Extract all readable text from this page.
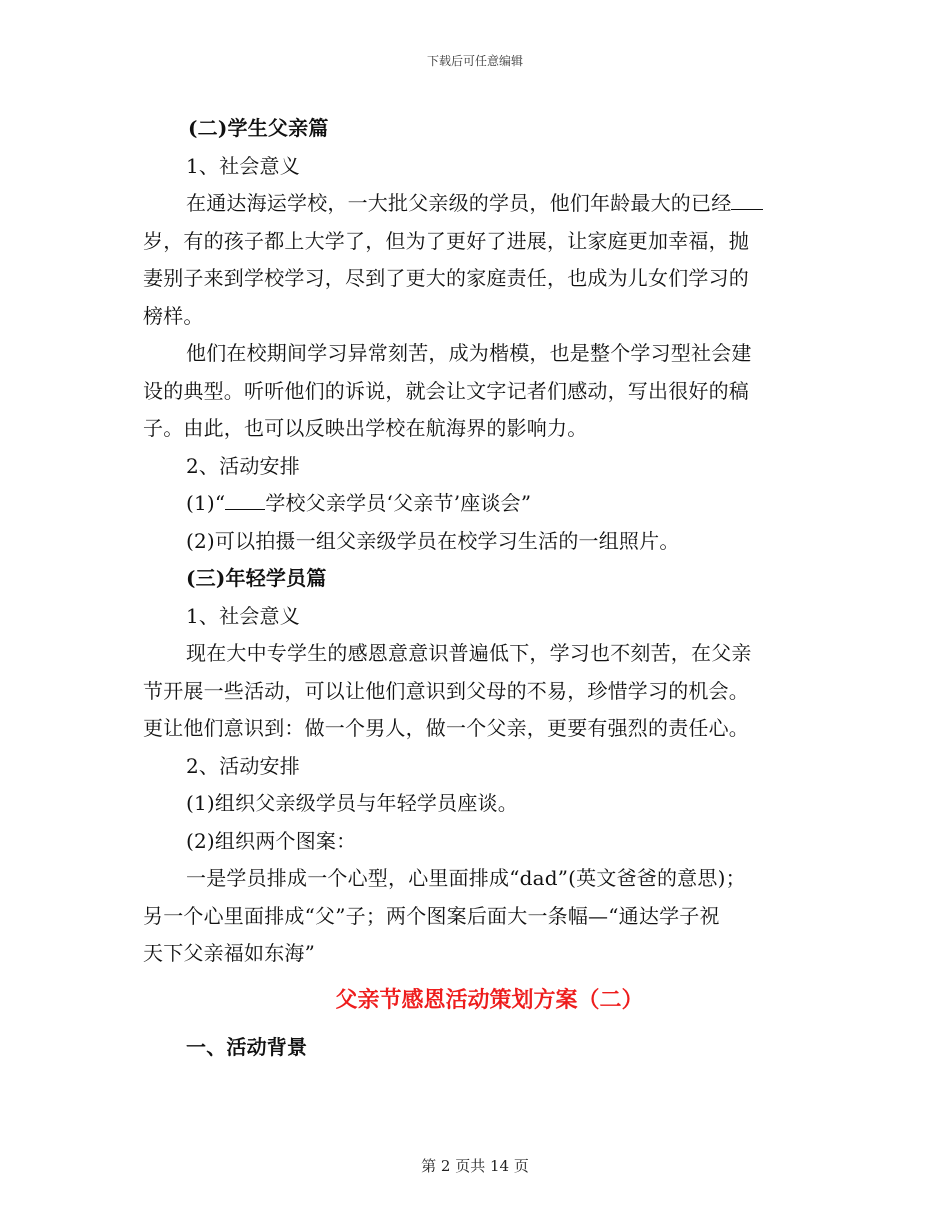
下载后可任意编辑
(二)学生父亲篇
1、社会意义
在通达海运学校，一大批父亲级的学员，他们年龄最大的已经
岁，有的孩子都上大学了，但为了更好了进展，让家庭更加幸福，抛
妻别子来到学校学习，尽到了更大的家庭责任，也成为儿女们学习的
榜样。
他们在校期间学习异常刻苦，成为楷模，也是整个学习型社会建
设的典型。听听他们的诉说，就会让文字记者们感动，写出很好的稿
子。由此，也可以反映出学校在航海界的影响力。
2、活动安排
(1)“ 学校父亲学员‘父亲节’座谈会”
(2)可以拍摄一组父亲级学员在校学习生活的一组照片。
(三)年轻学员篇
1、社会意义
现在大中专学生的感恩意意识普遍低下，学习也不刻苦，在父亲
节开展一些活动，可以让他们意识到父母的不易，珍惜学习的机会。
更让他们意识到：做一个男人，做一个父亲，更要有强烈的责任心。
2、活动安排
(1)组织父亲级学员与年轻学员座谈。
(2)组织两个图案：
一是学员排成一个心型，心里面排成“dad”(英文爸爸的意思)；
另一个心里面排成“父”子；两个图案后面大一条幅—“通达学子祝
天下父亲福如东海”
父亲节感恩活动策划方案（二）
一、活动背景
第 2 页共 14 页
